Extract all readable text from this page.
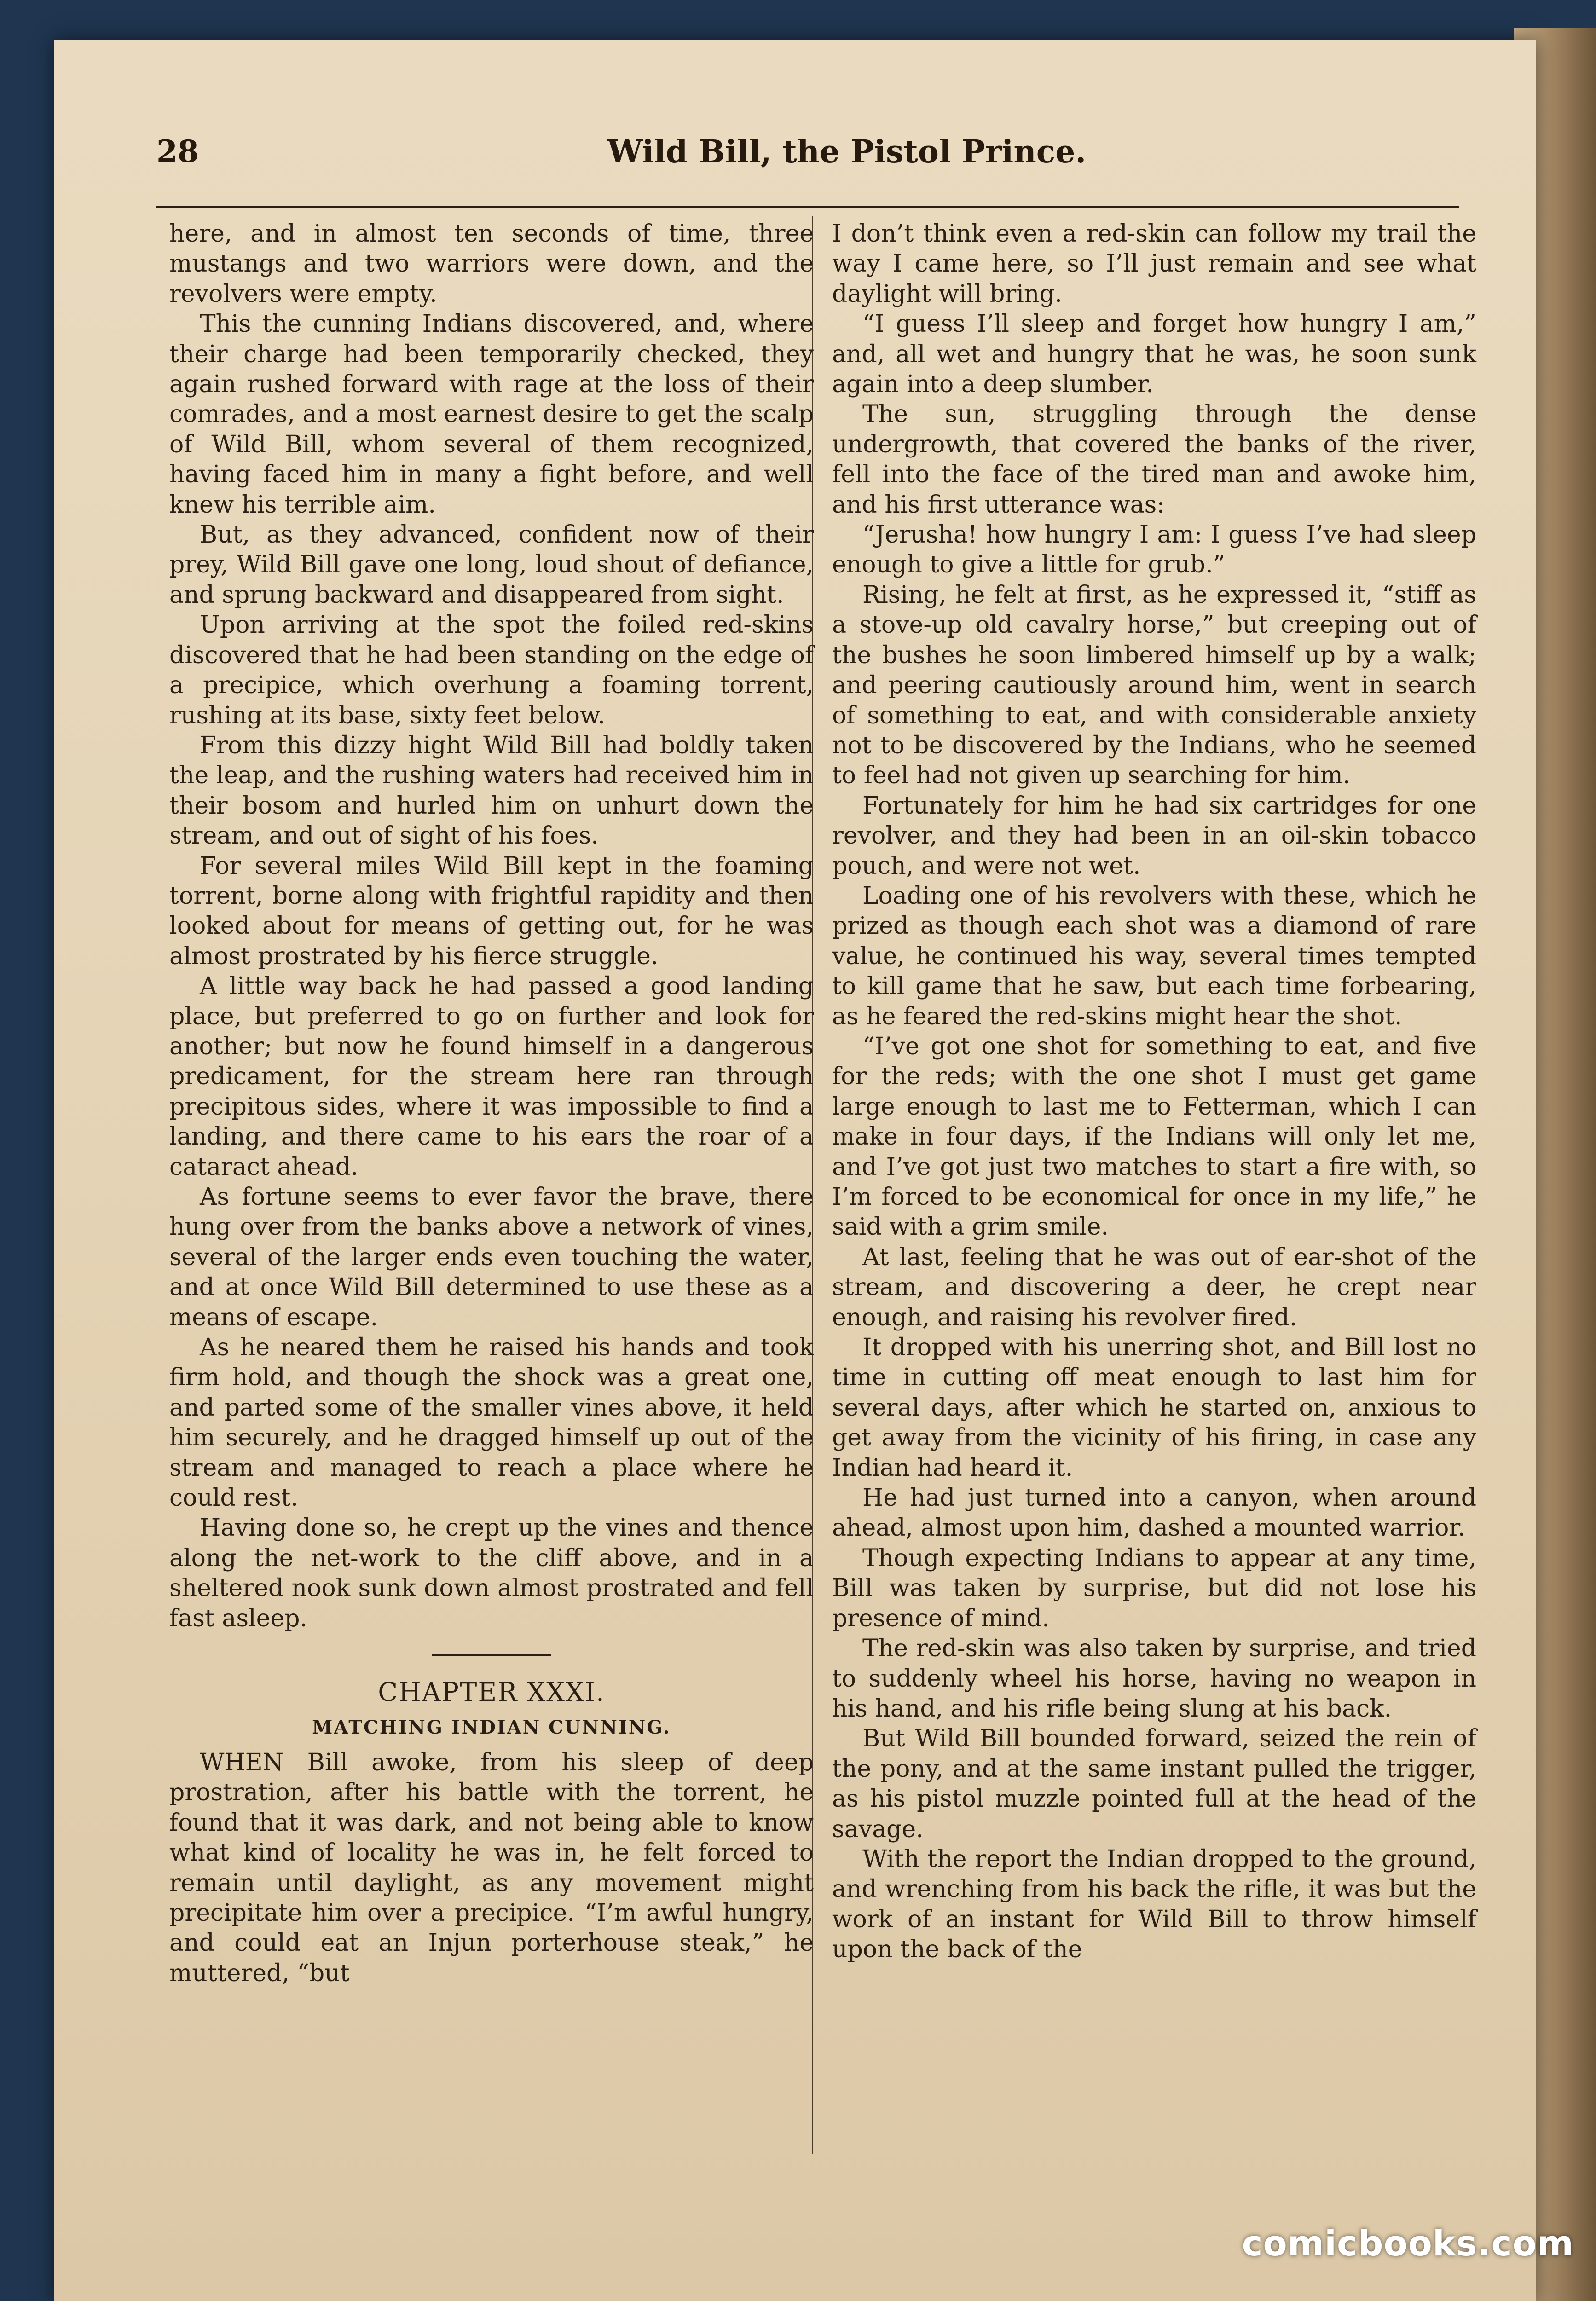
28	Wild Bill, the Pistol Prince.

here, and in almost ten seconds of time, three mustangs and two warriors were down, and the revolvers were empty.

This the cunning Indians discovered, and, where their charge had been temporarily checked, they again rushed forward with rage at the loss of their comrades, and a most earnest desire to get the scalp of Wild Bill, whom several of them recognized, having faced him in many a fight before, and well knew his terrible aim.

But, as they advanced, confident now of their prey, Wild Bill gave one long, loud shout of defiance, and sprung backward and disappeared from sight.

Upon arriving at the spot the foiled red-skins discovered that he had been standing on the edge of a precipice, which overhung a foaming torrent, rushing at its base, sixty feet below.

From this dizzy hight Wild Bill had boldly taken the leap, and the rushing waters had received him in their bosom and hurled him on unhurt down the stream, and out of sight of his foes.

For several miles Wild Bill kept in the foaming torrent, borne along with frightful rapidity and then looked about for means of getting out, for he was almost prostrated by his fierce struggle.

A little way back he had passed a good landing place, but preferred to go on further and look for another; but now he found himself in a dangerous predicament, for the stream here ran through precipitous sides, where it was impossible to find a landing, and there came to his ears the roar of a cataract ahead.

As fortune seems to ever favor the brave, there hung over from the banks above a network of vines, several of the larger ends even touching the water, and at once Wild Bill determined to use these as a means of escape.

As he neared them he raised his hands and took firm hold, and though the shock was a great one, and parted some of the smaller vines above, it held him securely, and he dragged himself up out of the stream and managed to reach a place where he could rest.

Having done so, he crept up the vines and thence along the net-work to the cliff above, and in a sheltered nook sunk down almost prostrated and fell fast asleep.

CHAPTER XXXI.

MATCHING INDIAN CUNNING.

WHEN Bill awoke, from his sleep of deep prostration, after his battle with the torrent, he found that it was dark, and not being able to know what kind of locality he was in, he felt forced to remain until daylight, as any movement might precipitate him over a precipice. “I’m awful hungry, and could eat an Injun porterhouse steak,” he muttered, “but

I don’t think even a red-skin can follow my trail the way I came here, so I’ll just remain and see what daylight will bring.

“I guess I’ll sleep and forget how hungry I am,” and, all wet and hungry that he was, he soon sunk again into a deep slumber.

The sun, struggling through the dense undergrowth, that covered the banks of the river, fell into the face of the tired man and awoke him, and his first utterance was:

“Jerusha! how hungry I am: I guess I’ve had sleep enough to give a little for grub.”

Rising, he felt at first, as he expressed it, “stiff as a stove-up old cavalry horse,” but creeping out of the bushes he soon limbered himself up by a walk; and peering cautiously around him, went in search of something to eat, and with considerable anxiety not to be discovered by the Indians, who he seemed to feel had not given up searching for him.

Fortunately for him he had six cartridges for one revolver, and they had been in an oil-skin tobacco pouch, and were not wet.

Loading one of his revolvers with these, which he prized as though each shot was a diamond of rare value, he continued his way, several times tempted to kill game that he saw, but each time forbearing, as he feared the red-skins might hear the shot.

“I’ve got one shot for something to eat, and five for the reds; with the one shot I must get game large enough to last me to Fetterman, which I can make in four days, if the Indians will only let me, and I’ve got just two matches to start a fire with, so I’m forced to be economical for once in my life,” he said with a grim smile.

At last, feeling that he was out of ear-shot of the stream, and discovering a deer, he crept near enough, and raising his revolver fired.

It dropped with his unerring shot, and Bill lost no time in cutting off meat enough to last him for several days, after which he started on, anxious to get away from the vicinity of his firing, in case any Indian had heard it.

He had just turned into a canyon, when around ahead, almost upon him, dashed a mounted warrior.

Though expecting Indians to appear at any time, Bill was taken by surprise, but did not lose his presence of mind.

The red-skin was also taken by surprise, and tried to suddenly wheel his horse, having no weapon in his hand, and his rifle being slung at his back.

But Wild Bill bounded forward, seized the rein of the pony, and at the same instant pulled the trigger, as his pistol muzzle pointed full at the head of the savage.

With the report the Indian dropped to the ground, and wrenching from his back the rifle, it was but the work of an instant for Wild Bill to throw himself upon the back of the

comicbooks.com
